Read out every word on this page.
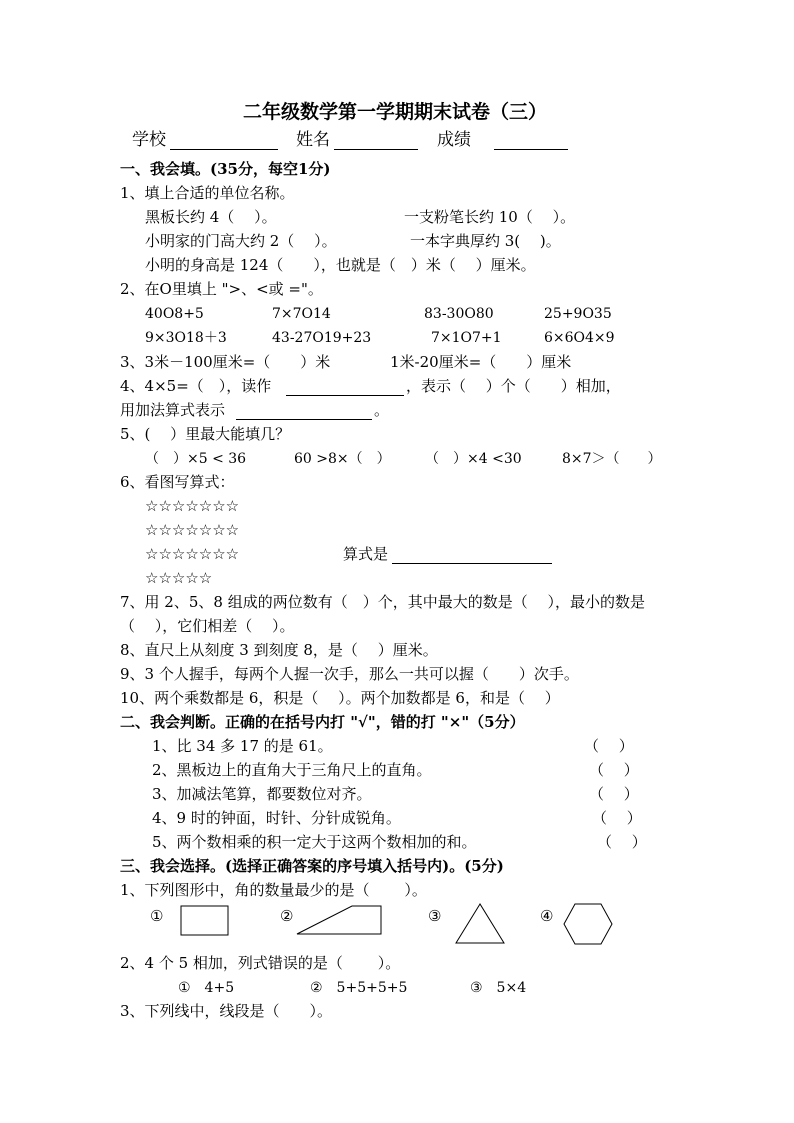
二年级数学第一学期期末试卷（三）
学校	姓名	成绩
一、我会填。(35分，每空1分)
1、填上合适的单位名称。
黑板长约 4（　 ）。	一支粉笔长约 10（　 ）。
小明家的门高大约 2（　 ）。	一本字典厚约 3(　 )。
小明的身高是 124（　　），也就是（　）米（　 ）厘米。
2、在O里填上 ">、<或 ="。
40O8+5	7×7O14	83-30O80	25+9O35
9×3O18＋3	43-27O19+23	7×1O7+1	6×6O4×9
3、3米－100厘米=（　　）米	1米-20厘米=（　　）厘米
4、4×5=（　），读作	，表示（　 ）个（　　）相加，
用加法算式表示	。
5、(　 ）里最大能填几？
（　）×5 < 36	60 >8×（　） （　）×4 <30	8×7＞（　　）
6、看图写算式：
☆☆☆☆☆☆☆
☆☆☆☆☆☆☆
☆☆☆☆☆☆☆
☆☆☆☆☆
算式是
7、用 2、5、8 组成的两位数有（　）个，其中最大的数是（　 ），最小的数是
（　 ），它们相差（　 ）。
8、直尺上从刻度 3 到刻度 8，是（　 ）厘米。
9、3 个人握手，每两个人握一次手，那么一共可以握（　　）次手。
10、两个乘数都是 6，积是（　 ）。两个加数都是 6，和是（　 ）
二、我会判断。正确的在括号内打 "√"，错的打 "×"（5分）
1、比 34 多 17 的是 61。	（　 ）
2、黑板边上的直角大于三角尺上的直角。	（　 ）
3、加减法笔算，都要数位对齐。	（　 ）
4、9 时的钟面，时针、分针成锐角。	（　 ）
5、两个数相乘的积一定大于这两个数相加的和。	（　 ）
三、我会选择。(选择正确答案的序号填入括号内)。(5分)
1、下列图形中，角的数量最少的是（　　 ）。
①	②	③	④
2、4 个 5 相加，列式错误的是（　　 ）。
①　4+5	②　5+5+5+5	③　5×4
3、下列线中，线段是（　　）。
